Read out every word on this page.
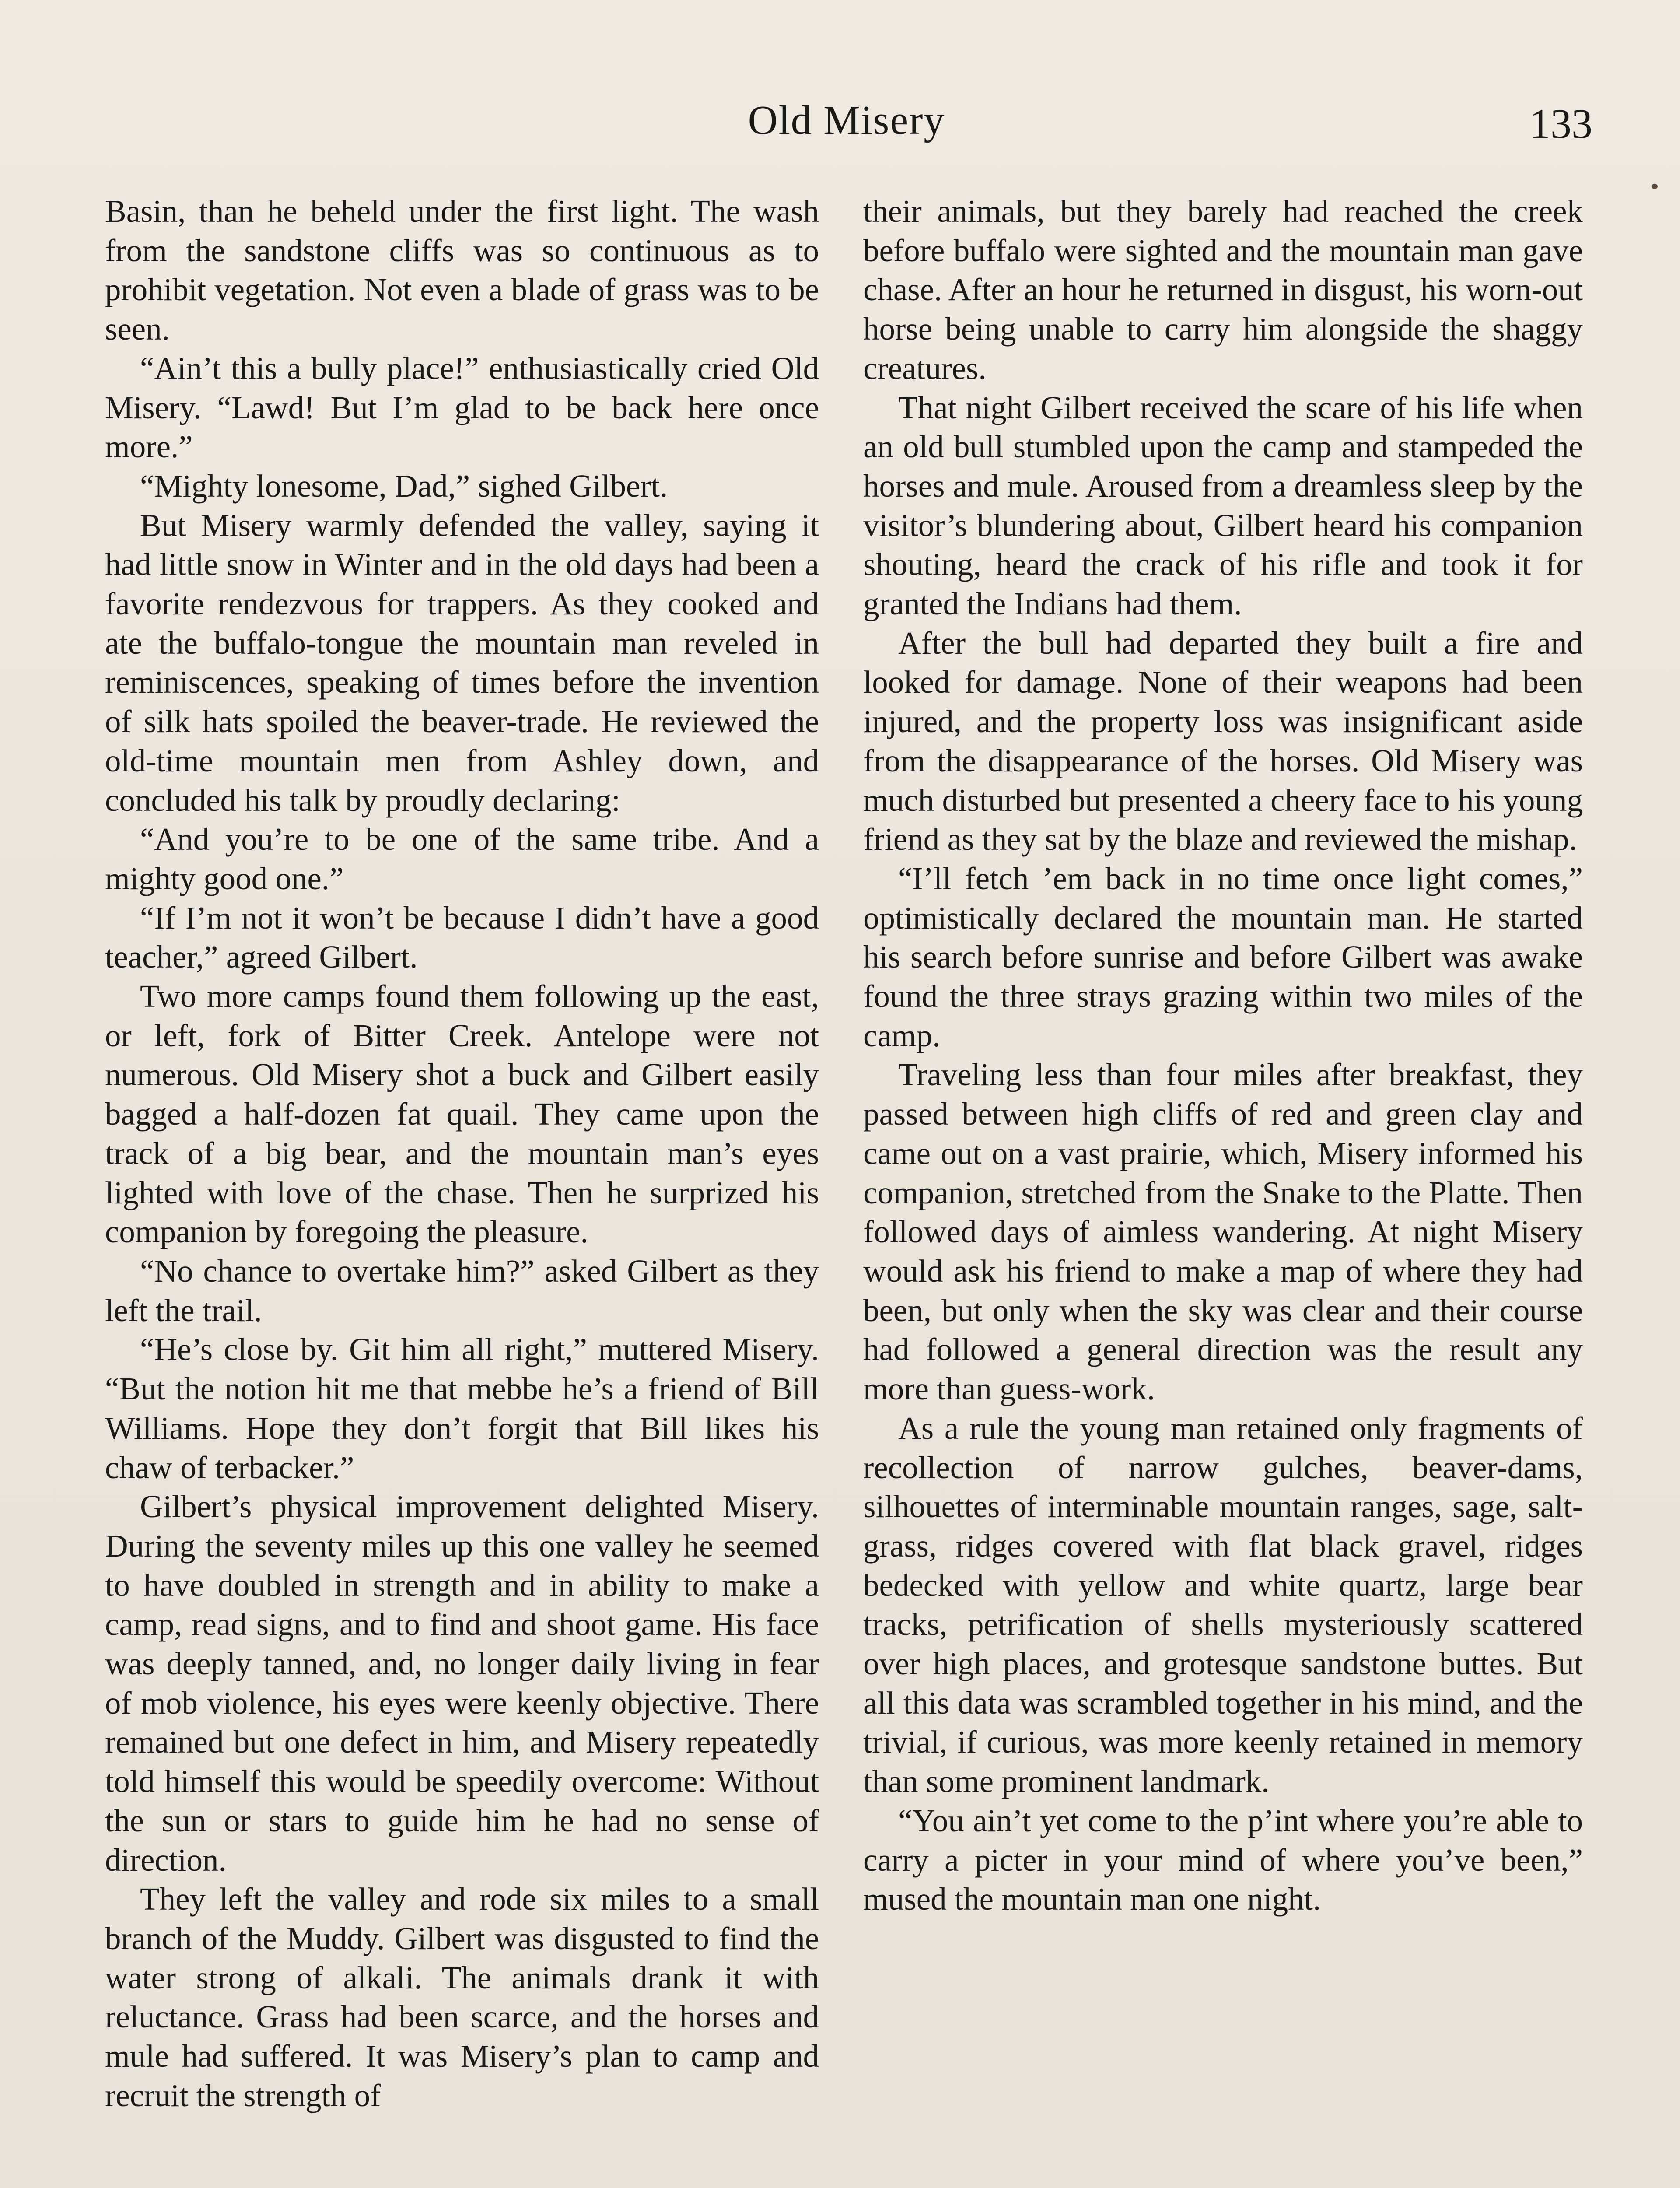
Old Misery	133

Basin, than he beheld under the first light. The wash from the sandstone cliffs was so continuous as to prohibit vegetation. Not even a blade of grass was to be seen.

“Ain’t this a bully place!” enthusiastically cried Old Misery. “Lawd! But I’m glad to be back here once more.”

“Mighty lonesome, Dad,” sighed Gilbert.

But Misery warmly defended the valley, saying it had little snow in Winter and in the old days had been a favorite rendezvous for trappers. As they cooked and ate the buffalo-tongue the mountain man reveled in reminiscences, speaking of times before the invention of silk hats spoiled the beaver-trade. He reviewed the old-time mountain men from Ashley down, and concluded his talk by proudly declaring:

“And you’re to be one of the same tribe. And a mighty good one.”

“If I’m not it won’t be because I didn’t have a good teacher,” agreed Gilbert.

Two more camps found them following up the east, or left, fork of Bitter Creek. Antelope were not numerous. Old Misery shot a buck and Gilbert easily bagged a half-dozen fat quail. They came upon the track of a big bear, and the mountain man’s eyes lighted with love of the chase. Then he surprized his companion by foregoing the pleasure.

“No chance to overtake him?” asked Gilbert as they left the trail.

“He’s close by. Git him all right,” muttered Misery. “But the notion hit me that mebbe he’s a friend of Bill Williams. Hope they don’t forgit that Bill likes his chaw of terbacker.”

Gilbert’s physical improvement delighted Misery. During the seventy miles up this one valley he seemed to have doubled in strength and in ability to make a camp, read signs, and to find and shoot game. His face was deeply tanned, and, no longer daily living in fear of mob violence, his eyes were keenly objective. There remained but one defect in him, and Misery repeatedly told himself this would be speedily overcome: Without the sun or stars to guide him he had no sense of direction.

They left the valley and rode six miles to a small branch of the Muddy. Gilbert was disgusted to find the water strong of alkali. The animals drank it with reluctance. Grass had been scarce, and the horses and mule had suffered. It was Misery’s plan to camp and recruit the strength of

their animals, but they barely had reached the creek before buffalo were sighted and the mountain man gave chase. After an hour he returned in disgust, his worn-out horse being unable to carry him alongside the shaggy creatures.

That night Gilbert received the scare of his life when an old bull stumbled upon the camp and stampeded the horses and mule. Aroused from a dreamless sleep by the visitor’s blundering about, Gilbert heard his companion shouting, heard the crack of his rifle and took it for granted the Indians had them.

After the bull had departed they built a fire and looked for damage. None of their weapons had been injured, and the property loss was insignificant aside from the disappearance of the horses. Old Misery was much disturbed but presented a cheery face to his young friend as they sat by the blaze and reviewed the mishap.

“I’ll fetch ’em back in no time once light comes,” optimistically declared the mountain man. He started his search before sunrise and before Gilbert was awake found the three strays grazing within two miles of the camp.

Traveling less than four miles after breakfast, they passed between high cliffs of red and green clay and came out on a vast prairie, which, Misery informed his companion, stretched from the Snake to the Platte. Then followed days of aimless wandering. At night Misery would ask his friend to make a map of where they had been, but only when the sky was clear and their course had followed a general direction was the result any more than guess-work.

As a rule the young man retained only fragments of recollection of narrow gulches, beaver-dams, silhouettes of interminable mountain ranges, sage, salt-grass, ridges covered with flat black gravel, ridges bedecked with yellow and white quartz, large bear tracks, petrification of shells mysteriously scattered over high places, and grotesque sandstone buttes. But all this data was scrambled together in his mind, and the trivial, if curious, was more keenly retained in memory than some prominent landmark.

“You ain’t yet come to the p’int where you’re able to carry a picter in your mind of where you’ve been,” mused the mountain man one night.
